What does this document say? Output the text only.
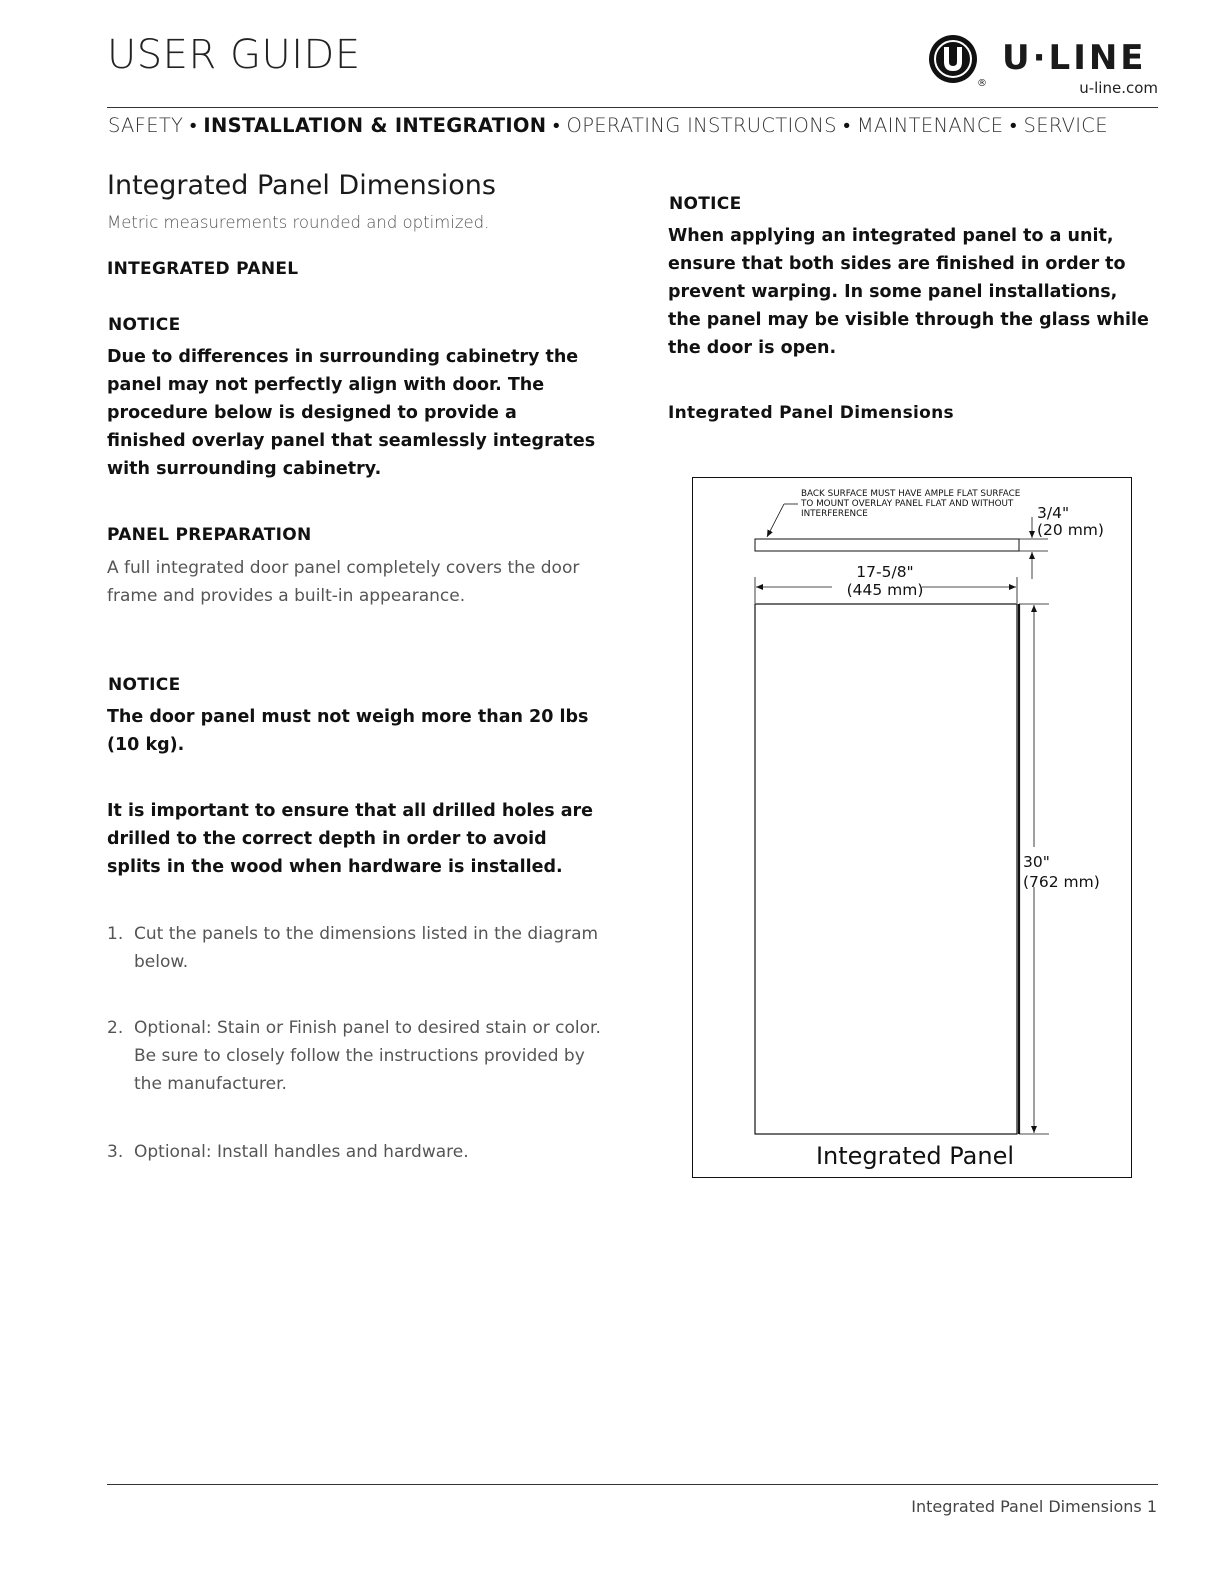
USER GUIDE
®
U·LINE
u-line.com
SAFETY • INSTALLATION & INTEGRATION • OPERATING INSTRUCTIONS • MAINTENANCE • SERVICE
Integrated Panel Dimensions
Metric measurements rounded and optimized.
INTEGRATED PANEL
NOTICE
Due to differences in surrounding cabinetry the
panel may not perfectly align with door. The
procedure below is designed to provide a
finished overlay panel that seamlessly integrates
with surrounding cabinetry.
PANEL PREPARATION
A full integrated door panel completely covers the door
frame and provides a built-in appearance.
NOTICE
The door panel must not weigh more than 20 lbs
(10 kg).
It is important to ensure that all drilled holes are
drilled to the correct depth in order to avoid
splits in the wood when hardware is installed.
1. Cut the panels to the dimensions listed in the diagram
below.
2. Optional: Stain or Finish panel to desired stain or color.
Be sure to closely follow the instructions provided by
the manufacturer.
3. Optional: Install handles and hardware.
NOTICE
When applying an integrated panel to a unit,
ensure that both sides are finished in order to
prevent warping. In some panel installations,
the panel may be visible through the glass while
the door is open.
Integrated Panel Dimensions
BACK SURFACE MUST HAVE AMPLE FLAT SURFACE
TO MOUNT OVERLAY PANEL FLAT AND WITHOUT
INTERFERENCE	3/4"
(20 mm)
17-5/8"
(445 mm)
30"
(762 mm)
Integrated Panel
Integrated Panel Dimensions 1
